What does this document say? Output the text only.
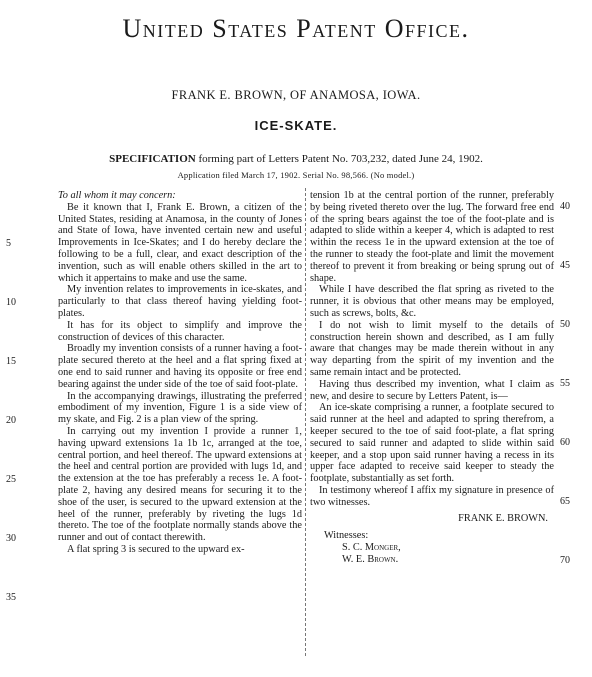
United States Patent Office.
FRANK E. BROWN, OF ANAMOSA, IOWA.
ICE-SKATE.
SPECIFICATION forming part of Letters Patent No. 703,232, dated June 24, 1902.
Application filed March 17, 1902. Serial No. 98,566. (No model.)

To all whom it may concern:

Be it known that I, Frank E. Brown, a citizen of the United States, residing at Anamosa, in the county of Jones and State of Iowa, have invented certain new and useful Improvements in Ice-Skates; and I do hereby declare the following to be a full, clear, and exact description of the invention, such as will enable others skilled in the art to which it appertains to make and use the same.

My invention relates to improvements in ice-skates, and particularly to that class thereof having yielding foot-plates.

It has for its object to simplify and improve the construction of devices of this character.

Broadly my invention consists of a runner having a foot-plate secured thereto at the heel and a flat spring fixed at one end to said runner and having its opposite or free end bearing against the under side of the toe of said foot-plate.

In the accompanying drawings, illustrating the preferred embodiment of my invention, Figure 1 is a side view of my skate, and Fig. 2 is a plan view of the spring.

In carrying out my invention I provide a runner 1, having upward extensions 1a 1b 1c, arranged at the toe, central portion, and heel thereof. The upward extensions at the heel and central portion are provided with lugs 1d, and the extension at the toe has preferably a recess 1e. A foot-plate 2, having any desired means for securing it to the shoe of the user, is secured to the upward extension at the heel of the runner, preferably by riveting the lugs 1d thereto. The toe of the footplate normally stands above the runner and out of contact therewith.

A flat spring 3 is secured to the upward ex-

tension 1b at the central portion of the runner, preferably by being riveted thereto over the lug. The forward free end of the spring bears against the toe of the foot-plate and is adapted to slide within a keeper 4, which is adapted to rest within the recess 1e in the upward extension at the toe of the runner to steady the foot-plate and limit the movement thereof to prevent it from breaking or being sprung out of shape.

While I have described the flat spring as riveted to the runner, it is obvious that other means may be employed, such as screws, bolts, &c.

I do not wish to limit myself to the details of construction herein shown and described, as I am fully aware that changes may be made therein without in any way departing from the spirit of my invention and the same remain intact and be protected.

Having thus described my invention, what I claim as new, and desire to secure by Letters Patent, is—

An ice-skate comprising a runner, a footplate secured to said runner at the heel and adapted to spring therefrom, a keeper secured to the toe of said foot-plate, a flat spring secured to said runner and adapted to slide within said keeper, and a stop upon said runner having a recess in its upper face adapted to receive said keeper to steady the footplate, substantially as set forth.

In testimony whereof I affix my signature in presence of two witnesses.

FRANK E. BROWN.

Witnesses:

S. C. Monger,

W. E. Brown.

5
10
15
20
25
30
35
40
45
50
55
60
65
70
